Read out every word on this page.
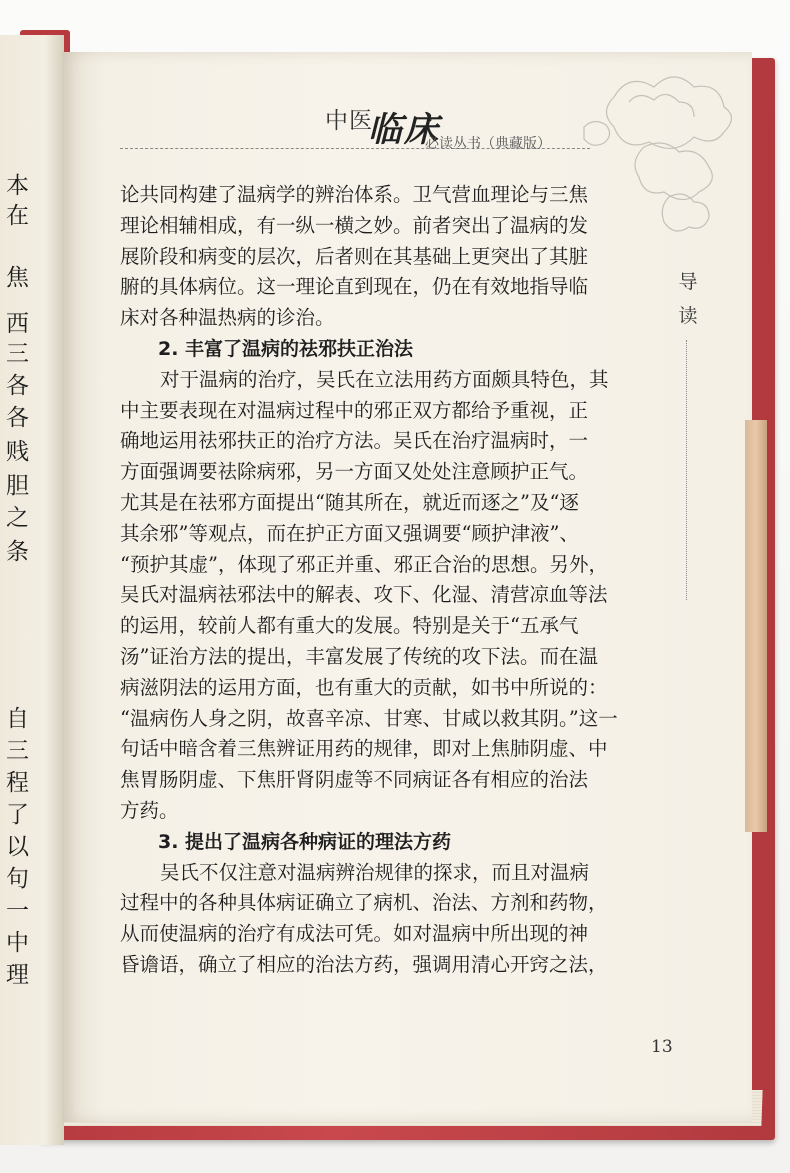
本
在
焦
西
三
各
各
贱
胆
之
条
自
三
程
了
以
句
一
中
理
中医
临床
必读丛书（典藏版）
导
读
论共同构建了温病学的辨治体系。卫气营血理论与三焦
理论相辅相成，有一纵一横之妙。前者突出了温病的发
展阶段和病变的层次，后者则在其基础上更突出了其脏
腑的具体病位。这一理论直到现在，仍在有效地指导临
床对各种温热病的诊治。
2. 丰富了温病的祛邪扶正治法
对于温病的治疗，吴氏在立法用药方面颇具特色，其
中主要表现在对温病过程中的邪正双方都给予重视，正
确地运用祛邪扶正的治疗方法。吴氏在治疗温病时，一
方面强调要祛除病邪，另一方面又处处注意顾护正气。
尤其是在祛邪方面提出“随其所在，就近而逐之”及“逐
其余邪”等观点，而在护正方面又强调要“顾护津液”、
“预护其虚”，体现了邪正并重、邪正合治的思想。另外，
吴氏对温病祛邪法中的解表、攻下、化湿、清营凉血等法
的运用，较前人都有重大的发展。特别是关于“五承气
汤”证治方法的提出，丰富发展了传统的攻下法。而在温
病滋阴法的运用方面，也有重大的贡献，如书中所说的：
“温病伤人身之阴，故喜辛凉、甘寒、甘咸以救其阴。”这一
句话中暗含着三焦辨证用药的规律，即对上焦肺阴虚、中
焦胃肠阴虚、下焦肝肾阴虚等不同病证各有相应的治法
方药。
3. 提出了温病各种病证的理法方药
吴氏不仅注意对温病辨治规律的探求，而且对温病
过程中的各种具体病证确立了病机、治法、方剂和药物，
从而使温病的治疗有成法可凭。如对温病中所出现的神
昏谵语，确立了相应的治法方药，强调用清心开窍之法，
13
